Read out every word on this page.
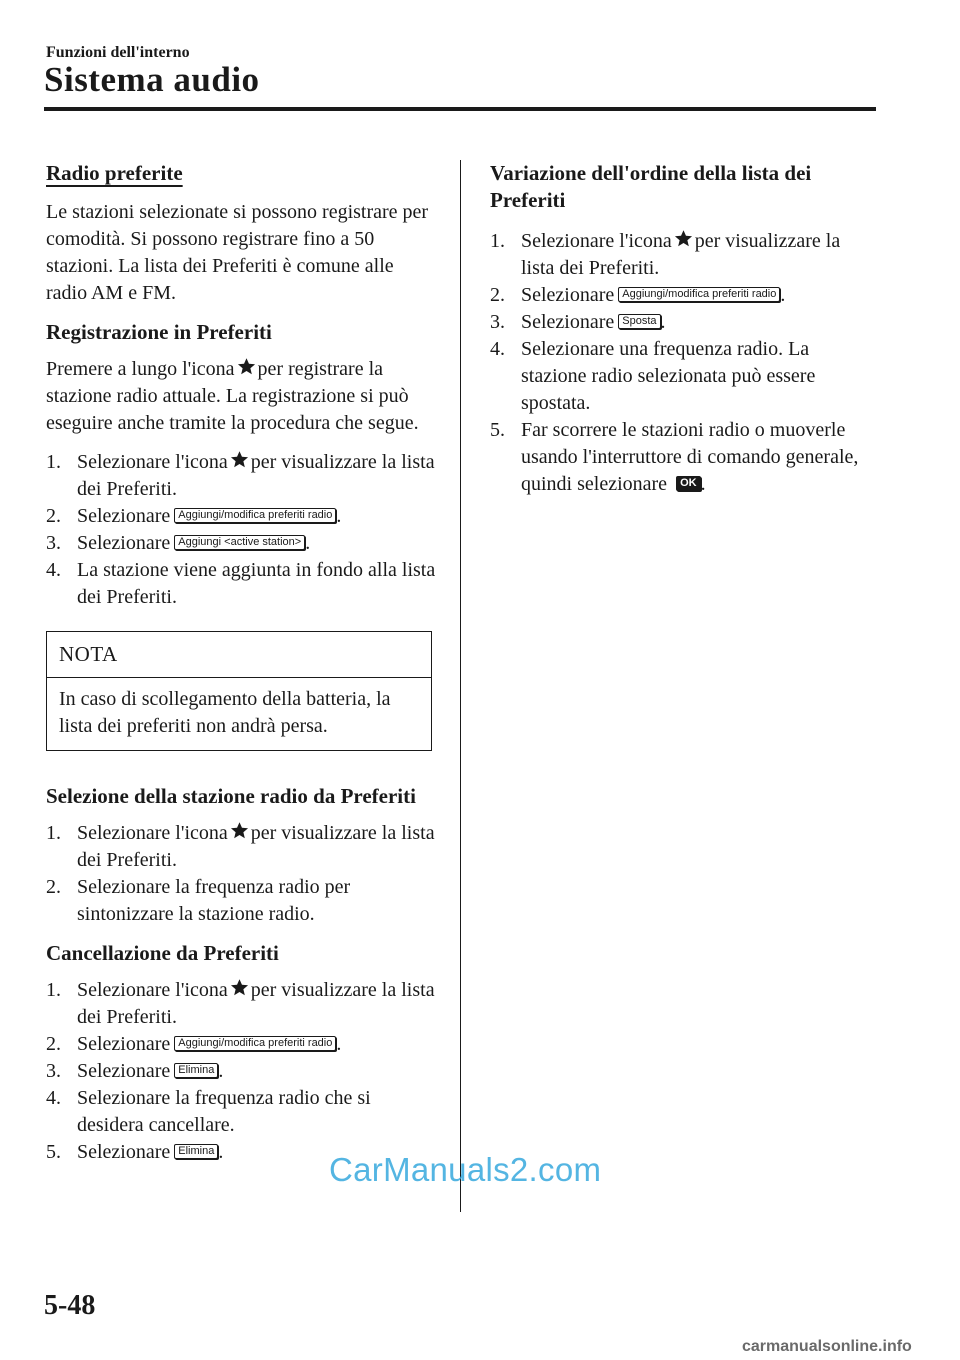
Funzioni dell'interno
Sistema audio
Radio preferite

Le stazioni selezionate si possono registrare per comodità. Si possono registrare fino a 50 stazioni. La lista dei Preferiti è comune alle radio AM e FM.

Registrazione in Preferiti

Premere a lungo l'icona per registrare la stazione radio attuale. La registrazione si può eseguire anche tramite la procedura che segue.

1. Selezionare l'icona per visualizzare la lista dei Preferiti.
2. Selezionare Aggiungi/modifica preferiti radio .
3. Selezionare Aggiungi <active station> .
4. La stazione viene aggiunta in fondo alla lista dei Preferiti.
NOTA
In caso di scollegamento della batteria, la lista dei preferiti non andrà persa.
Selezione della stazione radio da Preferiti
1. Selezionare l'icona per visualizzare la lista dei Preferiti.
2. Selezionare la frequenza radio per sintonizzare la stazione radio.
Cancellazione da Preferiti
1. Selezionare l'icona per visualizzare la lista dei Preferiti.
2. Selezionare Aggiungi/modifica preferiti radio .
3. Selezionare Elimina .
4. Selezionare la frequenza radio che si desidera cancellare.
5. Selezionare Elimina .
Variazione dell'ordine della lista dei Preferiti
1. Selezionare l'icona per visualizzare la lista dei Preferiti.
2. Selezionare Aggiungi/modifica preferiti radio .
3. Selezionare Sposta .
4. Selezionare una frequenza radio. La stazione radio selezionata può essere spostata.
5. Far scorrere le stazioni radio o muoverle usando l'interruttore di comando generale, quindi selezionare OK .
CarManuals2.com
5-48
carmanualsonline.info
